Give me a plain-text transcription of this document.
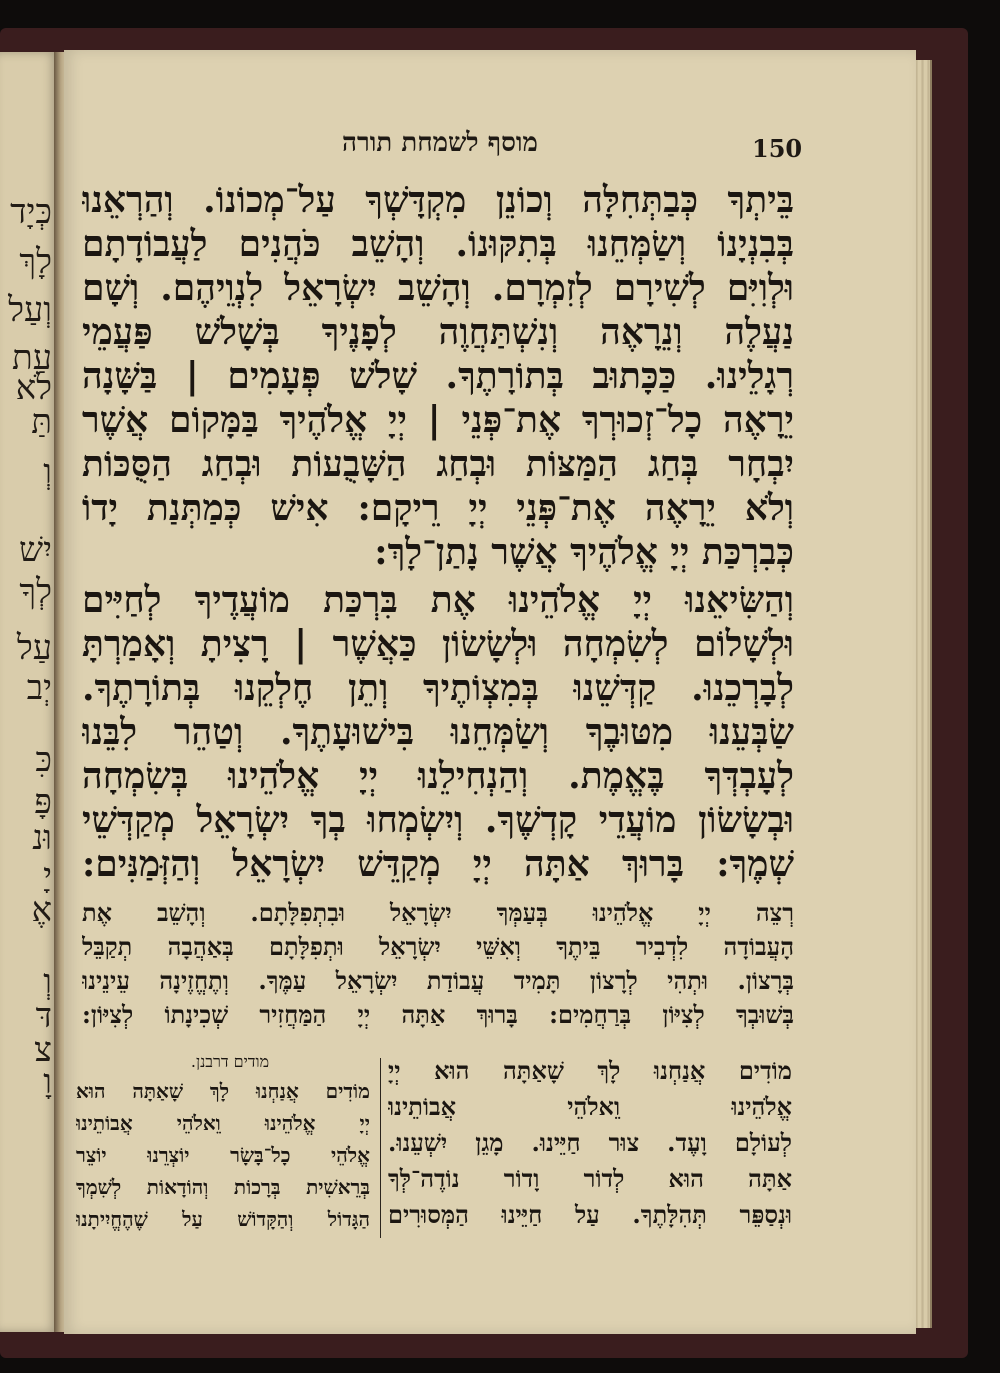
כְּיָד
לָךְ
וְעַל
עַת
לֹא
תַּ
וְ
יִשׁ
לְךָ
עַל
יְב
כִּ
פָּ
וּנ
יָ
אֶ
וְ
דּ
צ
וָ
מוסף לשמחת תורה	150
בֵּיתְךָ כְּבַתְּחִלָּה וְכוֹנֵן מִקְדָּשְׁךָ עַל־מְכוֹנוֹ. וְהַרְאֵנוּ
בְּבִנְיָנוֹ וְשַׂמְּחֵנוּ בְּתִקּוּנוֹ. וְהָשֵׁב כֹּהֲנִים לַעֲבוֹדָתָם
וּלְוִיִּם לְשִׁירָם לְזִמְרָם. וְהָשֵׁב יִשְׂרָאֵל לִנְוֵיהֶם. וְשָׁם
נַעֲלֶה וְנֵרָאֶה וְנִשְׁתַּחֲוֶה לְפָנֶיךָ בְּשָׁלשׁ פַּעֲמֵי
רְגָלֵינוּ. כַּכָּתוּב בְּתוֹרָתֶךָ. שָׁלשׁ פְּעָמִים | בַּשָּׁנָה
יֵרָאֶה כָל־זְכוּרְךָ אֶת־פְּנֵי | יְיָ אֱלֹהֶיךָ בַּמָּקוֹם אֲשֶׁר
יִבְחָר בְּחַג הַמַּצּוֹת וּבְחַג הַשָּׁבֻעוֹת וּבְחַג הַסֻּכּוֹת
וְלֹא יֵרָאֶה אֶת־פְּנֵי יְיָ רֵיקָם: אִישׁ כְּמַתְּנַת יָדוֹ
כְּבִרְכַּת יְיָ אֱלֹהֶיךָ אֲשֶׁר נָתַן־לָךְ:
וְהַשִּׂיאֵנוּ יְיָ אֱלֹהֵינוּ אֶת בִּרְכַּת מוֹעֲדֶיךָ לְחַיִּים
וּלְשָׁלוֹם לְשִׂמְחָה וּלְשָׂשׂוֹן כַּאֲשֶׁר | רָצִיתָ וְאָמַרְתָּ
לְבָרְכֵנוּ. קַדְּשֵׁנוּ בְּמִצְוֹתֶיךָ וְתֵן חֶלְקֵנוּ בְּתוֹרָתֶךָ.
שַׂבְּעֵנוּ מִטּוּבֶךָ וְשַׂמְּחֵנוּ בִּישׁוּעָתֶךָ. וְטַהֵר לִבֵּנוּ
לְעָבְדְּךָ בֶּאֱמֶת. וְהַנְחִילֵנוּ יְיָ אֱלֹהֵינוּ בְּשִׂמְחָה
וּבְשָׂשׂוֹן מוֹעֲדֵי קָדְשֶׁךָ. וְיִשְׂמְחוּ בְךָ יִשְׂרָאֵל מְקַדְּשֵׁי
שְׁמֶךָ: בָּרוּךְ אַתָּה יְיָ מְקַדֵּשׁ יִשְׂרָאֵל וְהַזְּמַנִּים:
רְצֵה יְיָ אֱלֹהֵינוּ בְּעַמְּךָ יִשְׂרָאֵל וּבִתְפִלָּתָם. וְהָשֵׁב אֶת
הָעֲבוֹדָה לִדְבִיר בֵּיתֶךָ וְאִשֵּׁי יִשְׂרָאֵל וּתְפִלָּתָם בְּאַהֲבָה תְקַבֵּל
בְּרָצוֹן. וּתְהִי לְרָצוֹן תָּמִיד עֲבוֹדַת יִשְׂרָאֵל עַמֶּךָ. וְתֶחֱזֶינָה עֵינֵינוּ
בְּשׁוּבְךָ לְצִיּוֹן בְּרַחֲמִים: בָּרוּךְ אַתָּה יְיָ הַמַּחֲזִיר שְׁכִינָתוֹ לְצִיּוֹן:
מוֹדִים אֲנַחְנוּ לָךְ שָׁאַתָּה הוּא יְיָ
אֱלֹהֵינוּ וֵאלֹהֵי אֲבוֹתֵינוּ
לְעוֹלָם וָעֶד. צוּר חַיֵּינוּ. מָגֵן יִשְׁעֵנוּ.
אַתָּה הוּא לְדוֹר וָדוֹר נוֹדֶה־לְּךָ
וּנְסַפֵּר תְּהִלָּתֶךָ. עַל חַיֵּינוּ הַמְּסוּרִים
מודים דרבנן.
מוֹדִים אֲנַחְנוּ לָךְ שָׁאַתָּה הוּא
יְיָ אֱלֹהֵינוּ וֵאלֹהֵי אֲבוֹתֵינוּ
אֱלֹהֵי כָל־בָּשָׂר יוֹצְרֵנוּ יוֹצֵר
בְּרֵאשִׁית בְּרָכוֹת וְהוֹדָאוֹת לְשִׁמְךָ
הַגָּדוֹל וְהַקָּדוֹשׁ עַל שֶׁהֶחֱיִיתָנוּ
